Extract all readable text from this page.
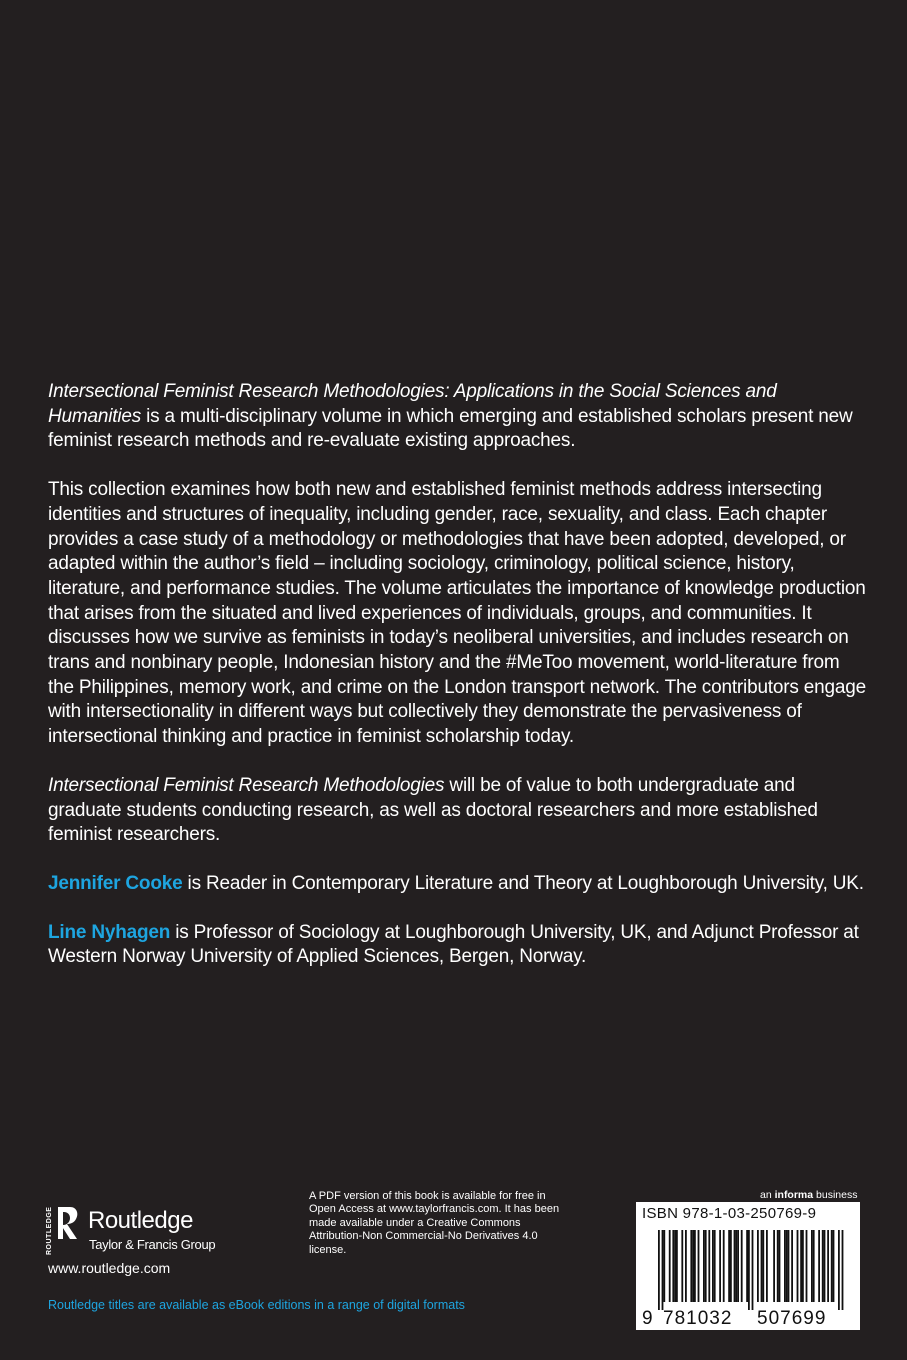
Intersectional Feminist Research Methodologies: Applications in the Social Sciences and Humanities is a multi-disciplinary volume in which emerging and established scholars present new feminist research methods and re-evaluate existing approaches.

This collection examines how both new and established feminist methods address intersecting identities and structures of inequality, including gender, race, sexuality, and class. Each chapter provides a case study of a methodology or methodologies that have been adopted, developed, or adapted within the author’s field – including sociology, criminology, political science, history, literature, and performance studies. The volume articulates the importance of knowledge production that arises from the situated and lived experiences of individuals, groups, and communities. It discusses how we survive as feminists in today’s neoliberal universities, and includes research on trans and nonbinary people, Indonesian history and the #MeToo movement, world-literature from the Philippines, memory work, and crime on the London transport network. The contributors engage with intersectionality in different ways but collectively they demonstrate the pervasiveness of intersectional thinking and practice in feminist scholarship today.

Intersectional Feminist Research Methodologies will be of value to both undergraduate and graduate students conducting research, as well as doctoral researchers and more established feminist researchers.

Jennifer Cooke is Reader in Contemporary Literature and Theory at Loughborough University, UK.

Line Nyhagen is Professor of Sociology at Loughborough University, UK, and Adjunct Professor at Western Norway University of Applied Sciences, Bergen, Norway.

ROUTLEDGE Routledge
Taylor & Francis Group
www.routledge.com
A PDF version of this book is available for free in Open Access at www.taylorfrancis.com. It has been made available under a Creative Commons Attribution-Non Commercial-No Derivatives 4.0 license.
Routledge titles are available as eBook editions in a range of digital formats
an informa business
ISBN 978-1-03-250769-9
9 781032 507699
